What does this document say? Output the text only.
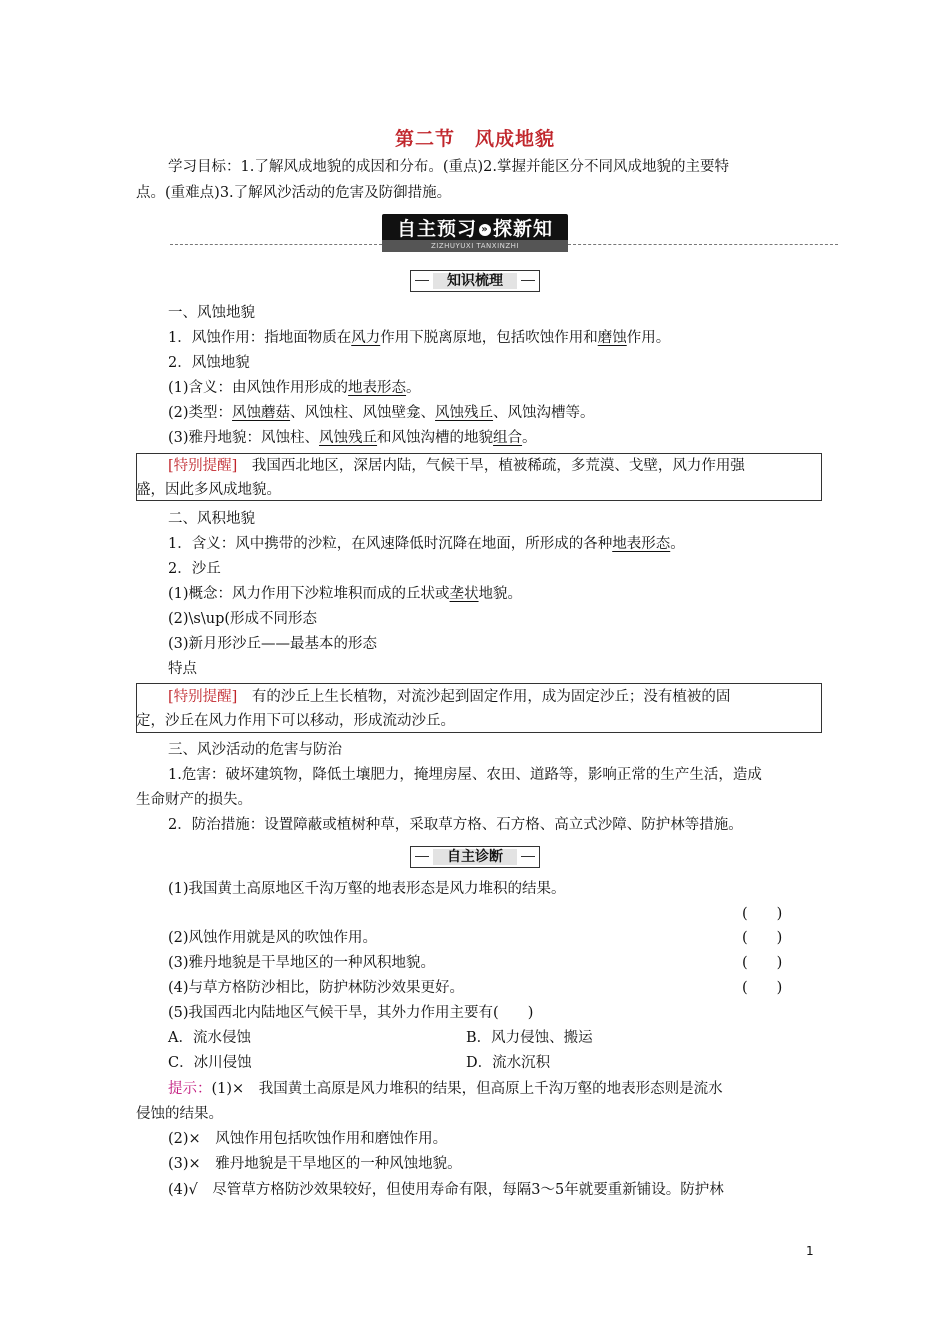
第二节　风成地貌
学习目标：1.了解风成地貌的成因和分布。(重点)2.掌握并能区分不同风成地貌的主要特
点。(重难点)3.了解风沙活动的危害及防御措施。
自主预习 » 探新知
ZIZHUYUXI TANXINZHI
知识梳理
一、风蚀地貌
1．风蚀作用：指地面物质在风力作用下脱离原地，包括吹蚀作用和磨蚀作用。
2．风蚀地貌
(1)含义：由风蚀作用形成的地表形态。
(2)类型：风蚀蘑菇、风蚀柱、风蚀壁龛、风蚀残丘、风蚀沟槽等。
(3)雅丹地貌：风蚀柱、风蚀残丘和风蚀沟槽的地貌组合。
[特别提醒]　我国西北地区，深居内陆，气候干旱，植被稀疏，多荒漠、戈壁，风力作用强
盛，因此多风成地貌。
二、风积地貌
1．含义：风中携带的沙粒，在风速降低时沉降在地面，所形成的各种地表形态。
2．沙丘
(1)概念：风力作用下沙粒堆积而成的丘状或垄状地貌。
(2)\s\up(形成不同形态
(3)新月形沙丘——最基本的形态
特点
[特别提醒]　有的沙丘上生长植物，对流沙起到固定作用，成为固定沙丘；没有植被的固
定，沙丘在风力作用下可以移动，形成流动沙丘。
三、风沙活动的危害与防治
1.危害：破坏建筑物，降低土壤肥力，掩埋房屋、农田、道路等，影响正常的生产生活，造成
生命财产的损失。
2．防治措施：设置障蔽或植树种草，采取草方格、石方格、高立式沙障、防护林等措施。
自主诊断
(1)我国黄土高原地区千沟万壑的地表形态是风力堆积的结果。
(　　)
(2)风蚀作用就是风的吹蚀作用。	(　　)
(3)雅丹地貌是干旱地区的一种风积地貌。	(　　)
(4)与草方格防沙相比，防护林防沙效果更好。	(　　)
(5)我国西北内陆地区气候干旱，其外力作用主要有(　　)
A．流水侵蚀	B．风力侵蚀、搬运
C．冰川侵蚀	D．流水沉积
提示：(1)×　我国黄土高原是风力堆积的结果，但高原上千沟万壑的地表形态则是流水
侵蚀的结果。
(2)×　风蚀作用包括吹蚀作用和磨蚀作用。
(3)×　雅丹地貌是干旱地区的一种风蚀地貌。
(4)√　尽管草方格防沙效果较好，但使用寿命有限，每隔3～5年就要重新铺设。防护林
1
